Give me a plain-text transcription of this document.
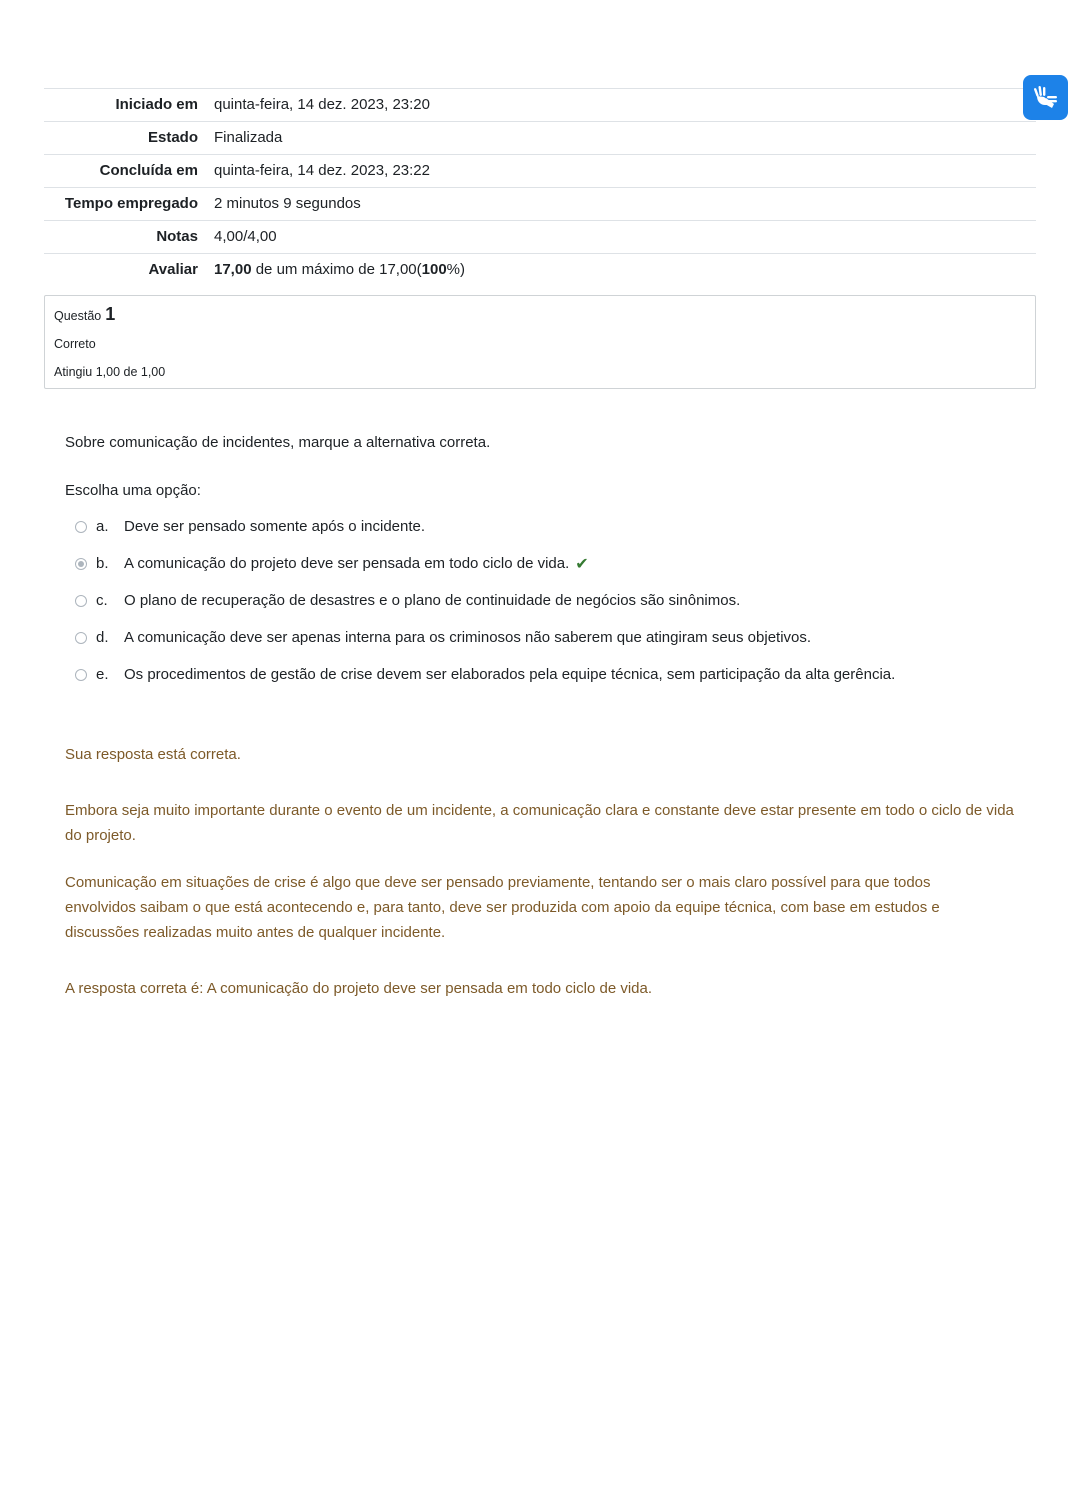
Iniciado em	quinta-feira, 14 dez. 2023, 23:20
Estado	Finalizada
Concluída em	quinta-feira, 14 dez. 2023, 23:22
Tempo empregado	2 minutos 9 segundos
Notas	4,00/4,00
Avaliar	17,00 de um máximo de 17,00(100%)
Questão 1
Correto
Atingiu 1,00 de 1,00

Sobre comunicação de incidentes, marque a alternativa correta.

Escolha uma opção:
a.	Deve ser pensado somente após o incidente.
b.	A comunicação do projeto deve ser pensada em todo ciclo de vida. ✔
c.	O plano de recuperação de desastres e o plano de continuidade de negócios são sinônimos.
d.	A comunicação deve ser apenas interna para os criminosos não saberem que atingiram seus objetivos.
e.	Os procedimentos de gestão de crise devem ser elaborados pela equipe técnica, sem participação da alta gerência.
Sua resposta está correta.
Embora seja muito importante durante o evento de um incidente, a comunicação clara e constante deve estar presente em todo o ciclo de vida do projeto.
Comunicação em situações de crise é algo que deve ser pensado previamente, tentando ser o mais claro possível para que todos envolvidos saibam o que está acontecendo e, para tanto, deve ser produzida com apoio da equipe técnica, com base em estudos e discussões realizadas muito antes de qualquer incidente.
A resposta correta é: A comunicação do projeto deve ser pensada em todo ciclo de vida.
